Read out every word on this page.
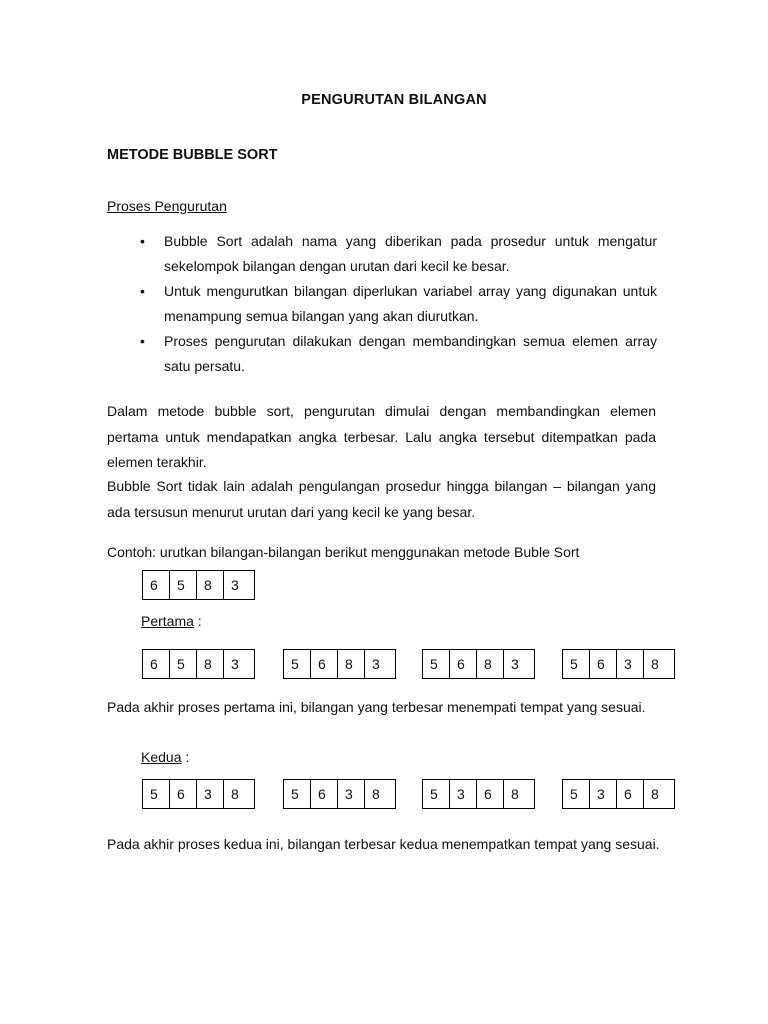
PENGURUTAN BILANGAN
METODE BUBBLE SORT
Proses Pengurutan
•	Bubble Sort adalah nama yang diberikan pada prosedur untuk mengatur sekelompok bilangan dengan urutan dari kecil ke besar.
•	Untuk mengurutkan bilangan diperlukan variabel array yang digunakan untuk menampung semua bilangan yang akan diurutkan.
•	Proses pengurutan dilakukan dengan membandingkan semua elemen array satu persatu.
Dalam metode bubble sort, pengurutan dimulai dengan membandingkan elemen pertama untuk mendapatkan angka terbesar. Lalu angka tersebut ditempatkan pada elemen terakhir.
Bubble Sort tidak lain adalah pengulangan prosedur hingga bilangan – bilangan yang ada tersusun menurut urutan dari yang kecil ke yang besar.
Contoh: urutkan bilangan-bilangan berikut menggunakan metode Buble Sort
6	5	8	3
Pertama :
6	5	8	3	5	6	8	3	5	6	8	3	5	6	3	8
Pada akhir proses pertama ini, bilangan yang terbesar menempati tempat yang sesuai.
Kedua :
5	6	3	8	5	6	3	8	5	3	6	8	5	3	6	8
Pada akhir proses kedua ini, bilangan terbesar kedua menempatkan tempat yang sesuai.
